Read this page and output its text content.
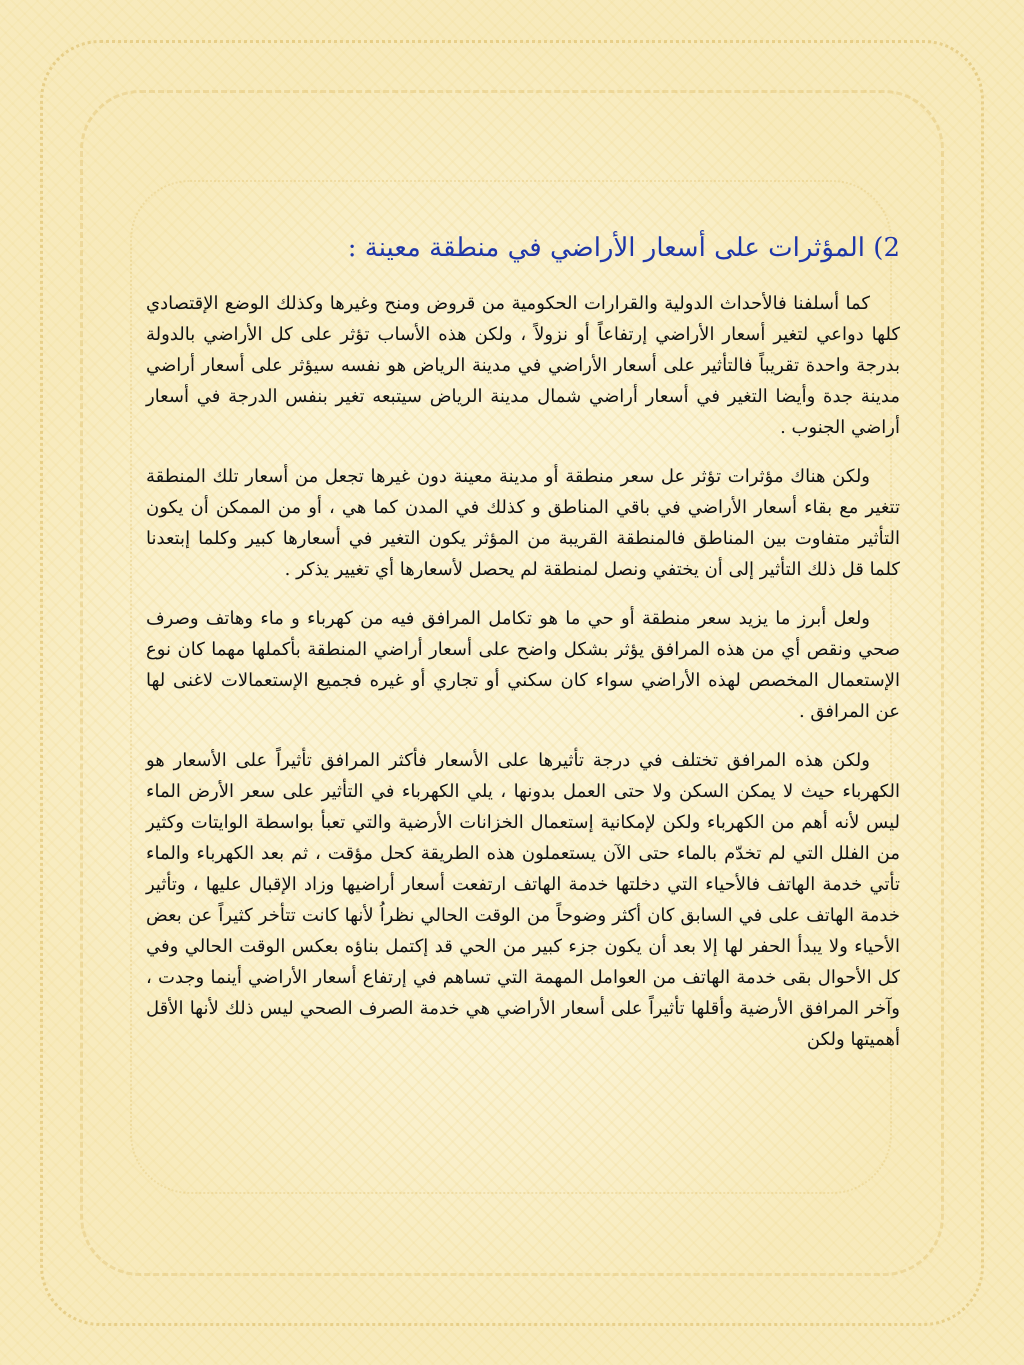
2) المؤثرات على أسعار الأراضي في منطقة معينة :

كما أسلفنا فالأحداث الدولية والقرارات الحكومية من قروض ومنح وغيرها وكذلك الوضع الإقتصادي كلها دواعي لتغير أسعار الأراضي إرتفاعاً أو نزولاً ، ولكن هذه الأساب تؤثر على كل الأراضي بالدولة بدرجة واحدة تقريباً فالتأثير على أسعار الأراضي في مدينة الرياض هو نفسه سيؤثر على أسعار أراضي مدينة جدة وأيضا التغير في أسعار أراضي شمال مدينة الرياض سيتبعه تغير بنفس الدرجة في أسعار أراضي الجنوب .

ولكن هناك مؤثرات تؤثر عل سعر منطقة أو مدينة معينة دون غيرها تجعل من أسعار تلك المنطقة تتغير مع بقاء أسعار الأراضي في باقي المناطق و كذلك في المدن كما هي ، أو من الممكن أن يكون التأثير متفاوت بين المناطق فالمنطقة القريبة من المؤثر يكون التغير في أسعارها كبير وكلما إبتعدنا كلما قل ذلك التأثير إلى أن يختفي ونصل لمنطقة لم يحصل لأسعارها أي تغيير يذكر .

ولعل أبرز ما يزيد سعر منطقة أو حي ما هو تكامل المرافق فيه من كهرباء و ماء وهاتف وصرف صحي ونقص أي من هذه المرافق يؤثر بشكل واضح على أسعار أراضي المنطقة بأكملها مهما كان نوع الإستعمال المخصص لهذه الأراضي سواء كان سكني أو تجاري أو غيره فجميع الإستعمالات لاغنى لها عن المرافق .

ولكن هذه المرافق تختلف في درجة تأثيرها على الأسعار فأكثر المرافق تأثيراً على الأسعار هو الكهرباء حيث لا يمكن السكن ولا حتى العمل بدونها ، يلي الكهرباء في التأثير على سعر الأرض الماء ليس لأنه أهم من الكهرباء ولكن لإمكانية إستعمال الخزانات الأرضية والتي تعبأ بواسطة الوايتات وكثير من الفلل التي لم تخدّم بالماء حتى الآن يستعملون هذه الطريقة كحل مؤقت ، ثم بعد الكهرباء والماء تأتي خدمة الهاتف فالأحياء التي دخلتها خدمة الهاتف ارتفعت أسعار أراضيها وزاد الإقبال عليها ، وتأثير خدمة الهاتف على في السابق كان أكثر وضوحاً من الوقت الحالي نظراُ لأنها كانت تتأخر كثيراً عن بعض الأحياء ولا يبدأ الحفر لها إلا بعد أن يكون جزء كبير من الحي قد إكتمل بناؤه بعكس الوقت الحالي وفي كل الأحوال بقى خدمة الهاتف من العوامل المهمة التي تساهم في إرتفاع أسعار الأراضي أينما وجدت ، وآخر المرافق الأرضية وأقلها تأثيراً على أسعار الأراضي هي خدمة الصرف الصحي ليس ذلك لأنها الأقل أهميتها ولكن
